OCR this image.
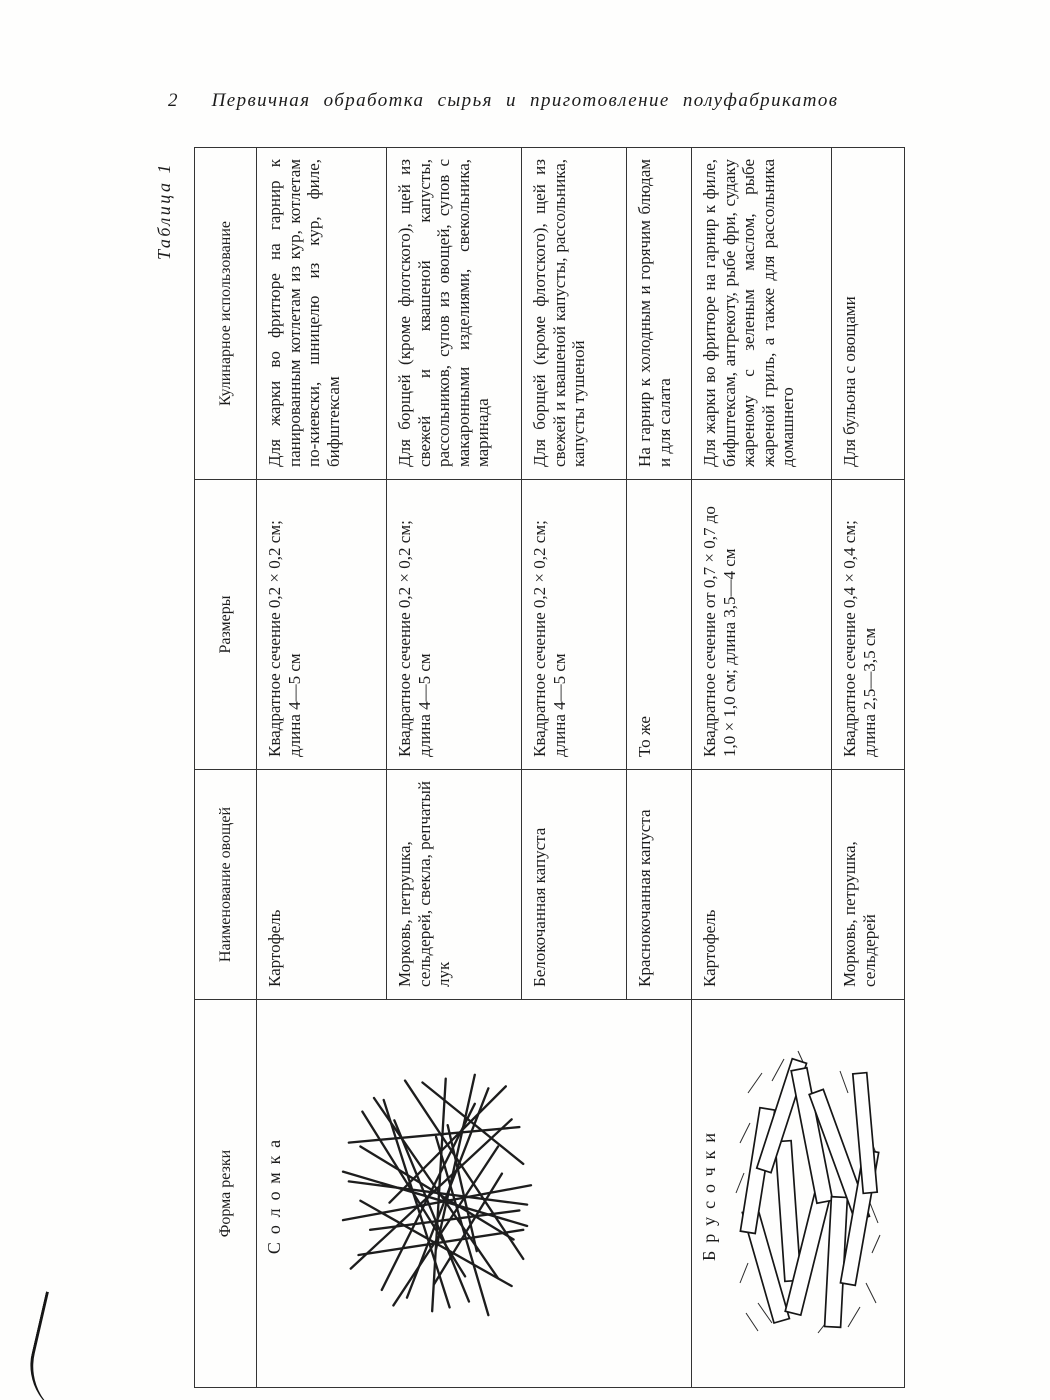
2	Первичная обработка сырья и приготовление полуфабрикатов
Таблица 1
Форма резки	Наименование овощей	Размеры	Кулинарное использование

Соломка	Картофель	Квадратное сечение 0,2 × 0,2 см; длина 4—5 см	Для жарки во фритюре на гарнир к панированным котлетам из кур, котлетам по-киевски, шницелю из кур, филе, бифштексам
	Морковь, петрушка, сельдерей, свекла, репчатый лук	Квадратное сечение 0,2 × 0,2 см; длина 4—5 см	Для борщей (кроме флотского), щей из свежей и квашеной капусты, рассольников, супов из овощей, супов с макаронными изделиями, свекольника, маринада
	Белокочанная капуста	Квадратное сечение 0,2 × 0,2 см; длина 4—5 см	Для борщей (кроме флотского), щей из свежей и квашеной капусты, рассольника, капусты тушеной
	Краснокочанная капуста	То же	На гарнир к холодным и горячим блюдам и для салата

Брусочки	Картофель	Квадратное сечение от 0,7 × 0,7 до 1,0 × 1,0 см; длина 3,5—4 см	Для жарки во фритюре на гарнир к филе, бифштексам, антрекоту, рыбе фри, судаку жареному с зеленым маслом, рыбе жареной гриль, а также для рассольника домашнего
	Морковь, петрушка, сельдерей	Квадратное сечение 0,4 × 0,4 см; длина 2,5—3,5 см	Для бульона с овощами
